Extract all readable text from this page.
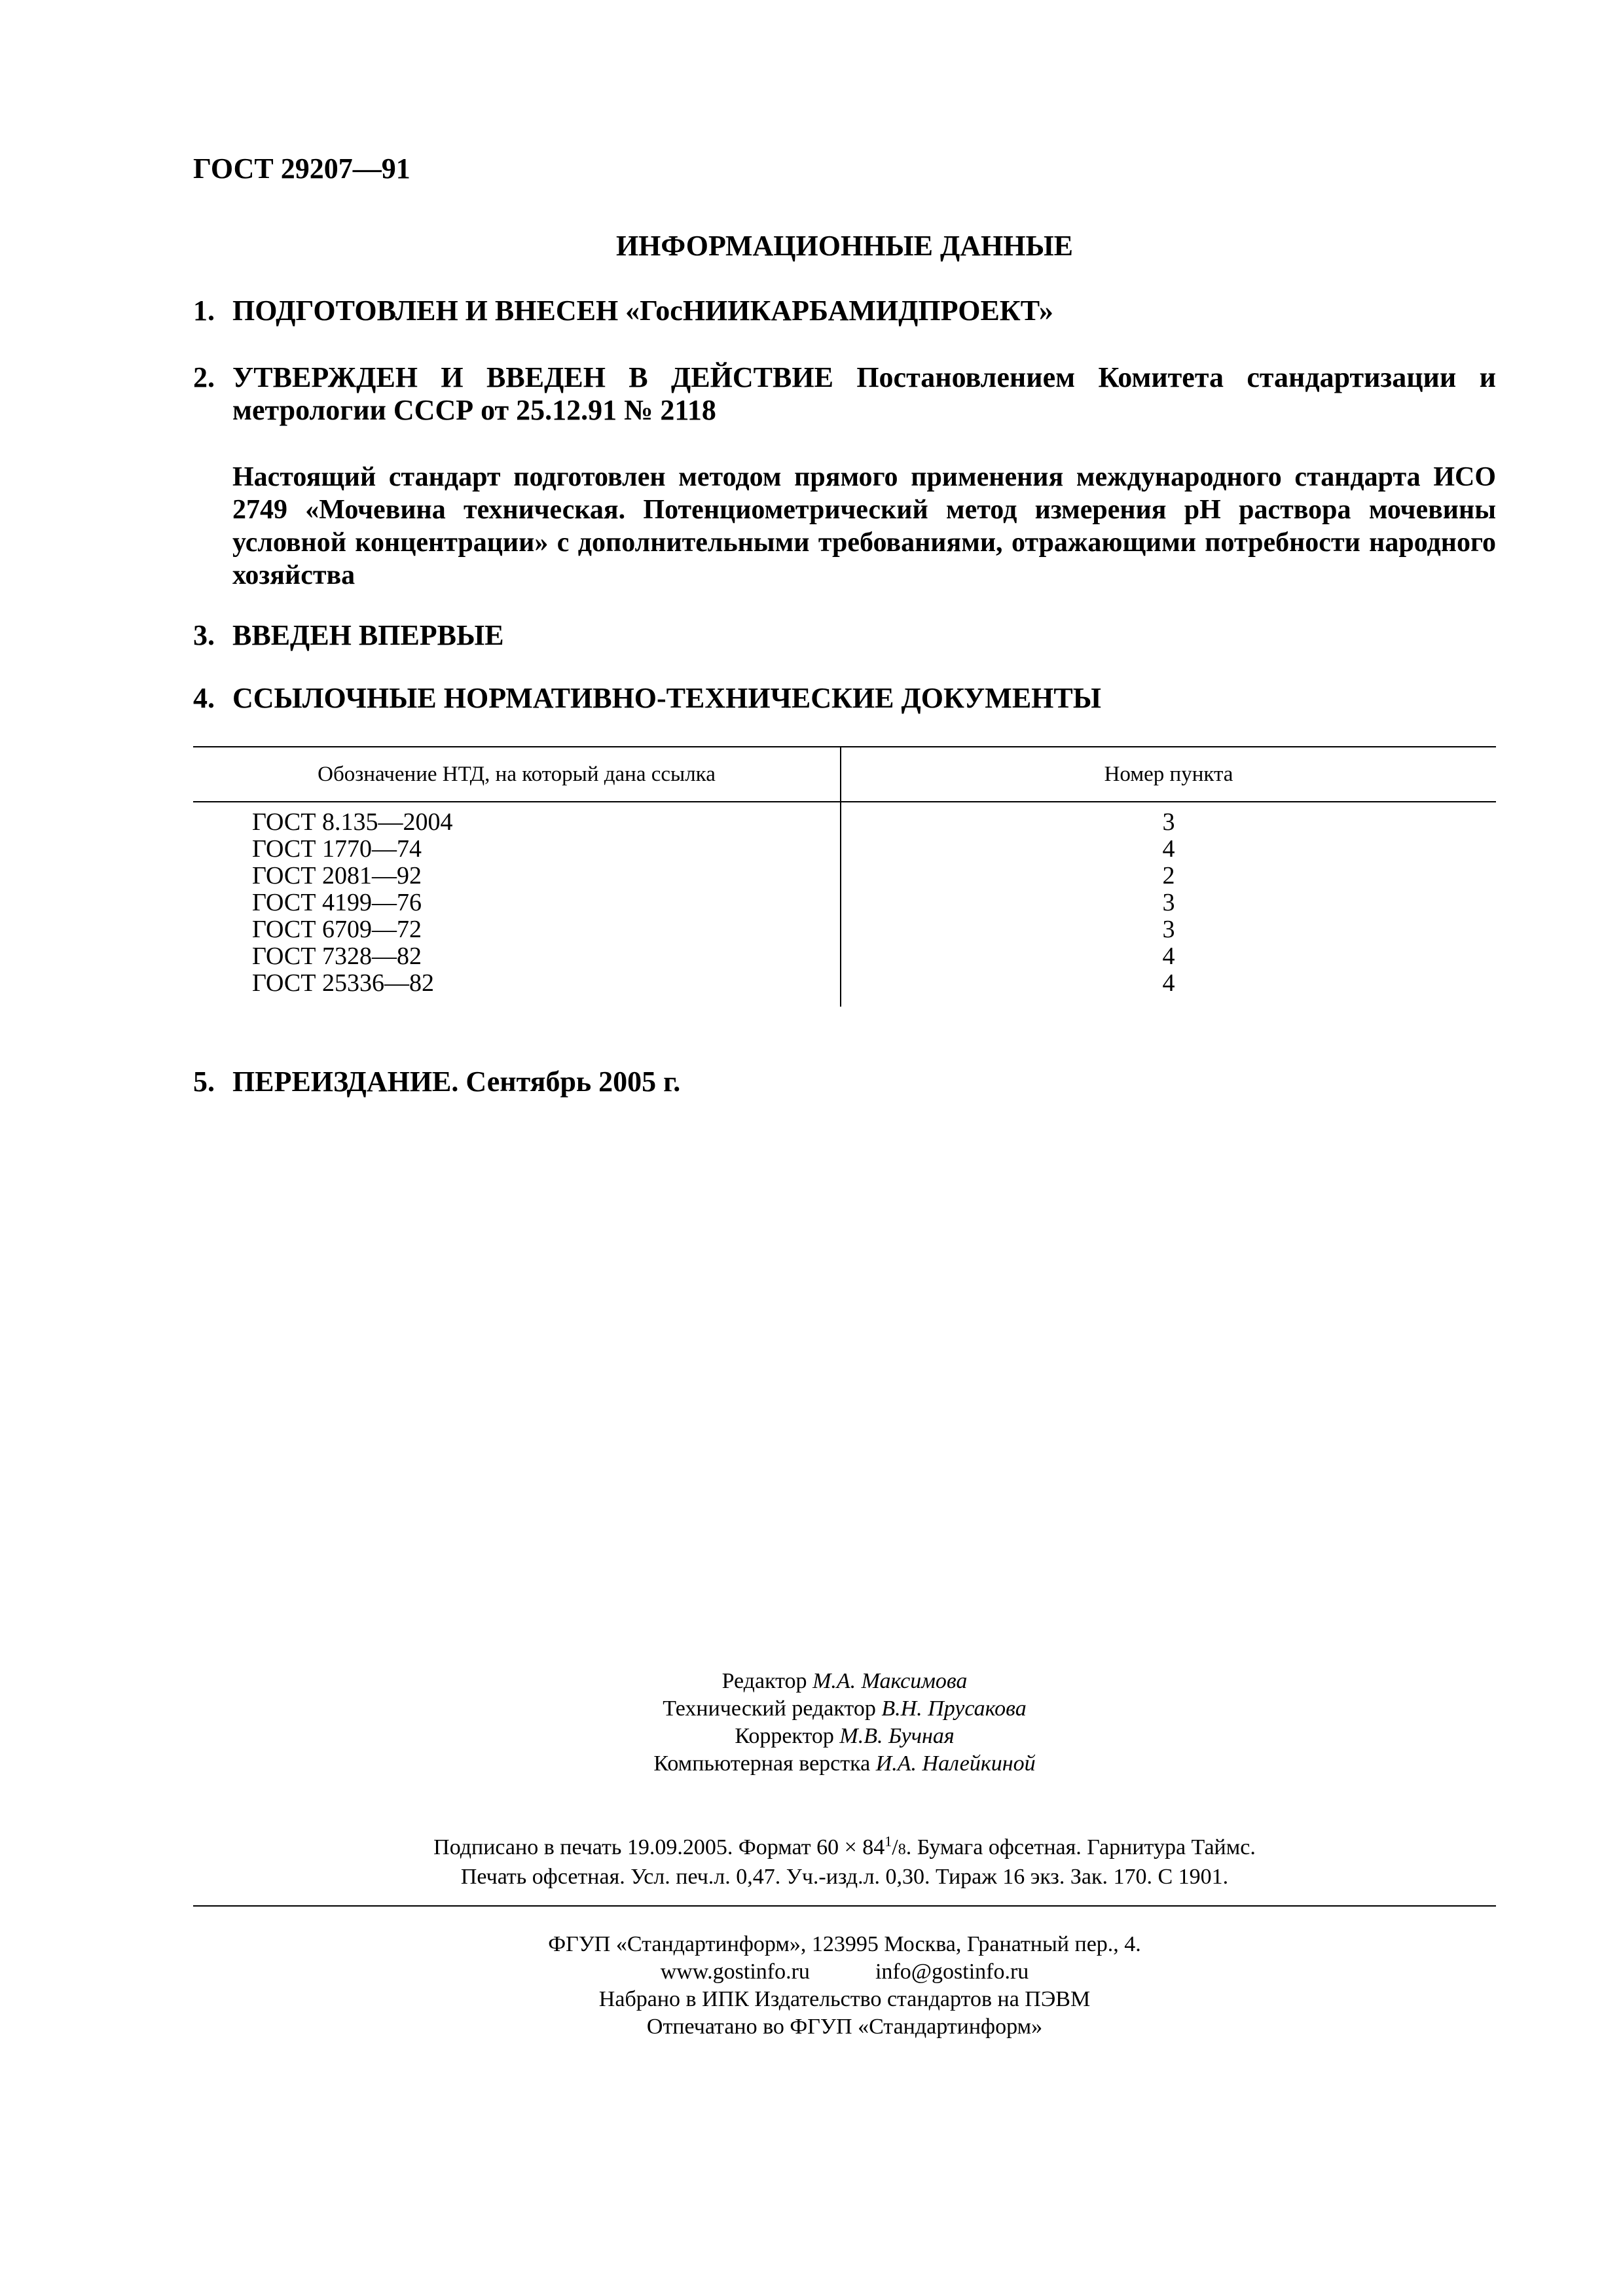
ГОСТ 29207—91
ИНФОРМАЦИОННЫЕ ДАННЫЕ
1. ПОДГОТОВЛЕН И ВНЕСЕН «ГосНИИКАРБАМИДПРОЕКТ»
2. УТВЕРЖДЕН И ВВЕДЕН В ДЕЙСТВИЕ Постановлением Комитета стандартизации и метрологии СССР от 25.12.91 № 2118
Настоящий стандарт подготовлен методом прямого применения международного стандарта ИСО 2749 «Мочевина техническая. Потенциометрический метод измерения pH раствора мочевины условной концентрации» с дополнительными требованиями, отражающими потребности народного хозяйства
3. ВВЕДЕН ВПЕРВЫЕ
4. ССЫЛОЧНЫЕ НОРМАТИВНО-ТЕХНИЧЕСКИЕ ДОКУМЕНТЫ
Обозначение НТД, на который дана ссылка	Номер пункта
ГОСТ 8.135—2004	3
ГОСТ 1770—74	4
ГОСТ 2081—92	2
ГОСТ 4199—76	3
ГОСТ 6709—72	3
ГОСТ 7328—82	4
ГОСТ 25336—82	4
5. ПЕРЕИЗДАНИЕ. Сентябрь 2005 г.
Редактор М.А. Максимова
Технический редактор В.Н. Прусакова
Корректор М.В. Бучная
Компьютерная верстка И.А. Налейкиной
Подписано в печать 19.09.2005. Формат $60 \times 84^1/8$. Бумага офсетная. Гарнитура Таймс.
Печать офсетная. Усл. печ.л. 0,47. Уч.-изд.л. 0,30. Тираж 16 экз. Зак. 170. С 1901.
ФГУП «Стандартинформ», 123995 Москва, Гранатный пер., 4.
www.gostinfo.ru	info@gostinfo.ru
Набрано в ИПК Издательство стандартов на ПЭВМ
Отпечатано во ФГУП «Стандартинформ»
